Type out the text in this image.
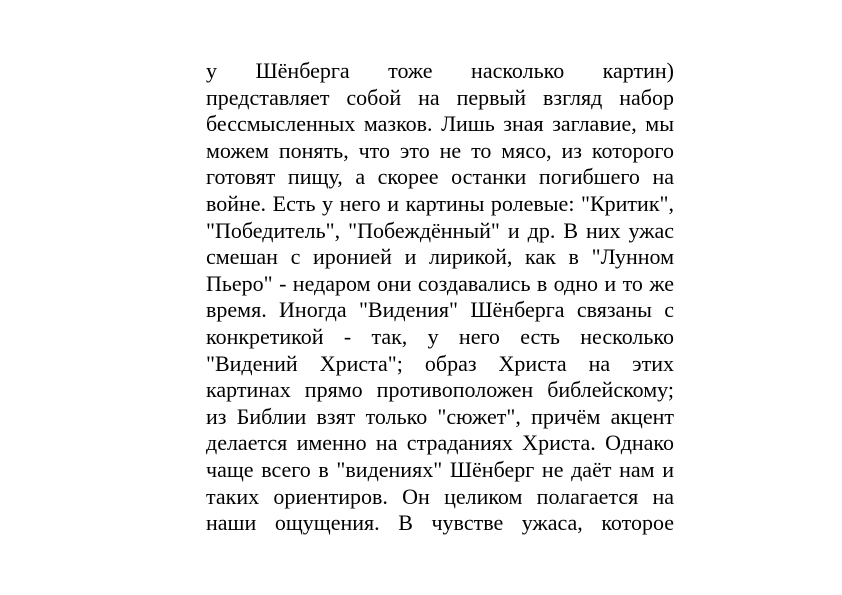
у Шёнберга тоже насколько картин)
представляет собой на первый взгляд набор
бессмысленных мазков. Лишь зная заглавие, мы
можем понять, что это не то мясо, из которого
готовят пищу, а скорее останки погибшего на
войне. Есть у него и картины ролевые: "Критик",
"Победитель", "Побеждённый" и др. В них ужас
смешан с иронией и лирикой, как в "Лунном
Пьеро" - недаром они создавались в одно и то же
время. Иногда "Видения" Шёнберга связаны с
конкретикой - так, у него есть несколько
"Видений Христа"; образ Христа на этих
картинах прямо противоположен библейскому;
из Библии взят только "сюжет", причём акцент
делается именно на страданиях Христа. Однако
чаще всего в "видениях" Шёнберг не даёт нам и
таких ориентиров. Он целиком полагается на
наши ощущения. В чувстве ужаса, которое
